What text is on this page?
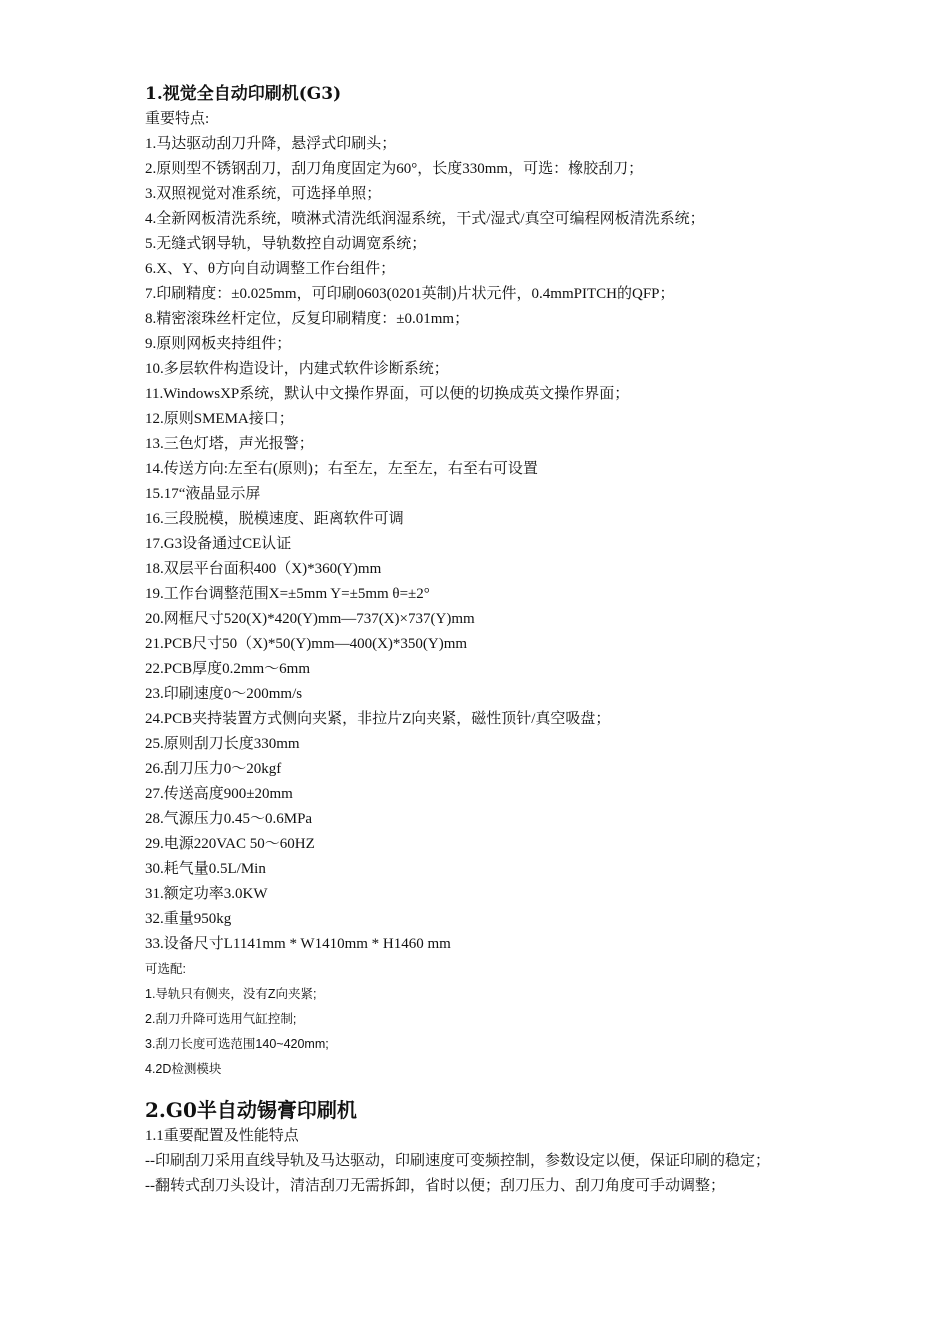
1.视觉全自动印刷机(G3)
重要特点:
1.马达驱动刮刀升降，悬浮式印刷头；
2.原则型不锈钢刮刀，刮刀角度固定为60°，长度330mm，可选：橡胶刮刀；
3.双照视觉对准系统，可选择单照；
4.全新网板清洗系统，喷淋式清洗纸润湿系统，干式/湿式/真空可编程网板清洗系统；
5.无缝式钢导轨，导轨数控自动调宽系统；
6.X、Y、θ方向自动调整工作台组件；
7.印刷精度：±0.025mm，可印刷0603(0201英制)片状元件，0.4mmPITCH的QFP；
8.精密滚珠丝杆定位，反复印刷精度：±0.01mm；
9.原则网板夹持组件；
10.多层软件构造设计，内建式软件诊断系统；
11.WindowsXP系统，默认中文操作界面，可以便的切换成英文操作界面；
12.原则SMEMA接口；
13.三色灯塔，声光报警；
14.传送方向:左至右(原则)；右至左，左至左，右至右可设置
15.17“液晶显示屏
16.三段脱模，脱模速度、距离软件可调
17.G3设备通过CE认证
18.双层平台面积400（X)*360(Y)mm
19.工作台调整范围X=±5mm Y=±5mm θ=±2°
20.网框尺寸520(X)*420(Y)mm—737(X)×737(Y)mm
21.PCB尺寸50（X)*50(Y)mm—400(X)*350(Y)mm
22.PCB厚度0.2mm～6mm
23.印刷速度0～200mm/s
24.PCB夹持装置方式侧向夹紧，非拉片Z向夹紧，磁性顶针/真空吸盘；
25.原则刮刀长度330mm
26.刮刀压力0～20kgf
27.传送高度900±20mm
28.气源压力0.45～0.6MPa
29.电源220VAC 50～60HZ
30.耗气量0.5L/Min
31.额定功率3.0KW
32.重量950kg
33.设备尺寸L1141mm * W1410mm * H1460 mm
可选配:
1.导轨只有侧夹，没有Z向夹紧;
2.刮刀升降可选用气缸控制;
3.刮刀长度可选范围140~420mm;
4.2D检测模块
2.G0半自动锡膏印刷机
1.1重要配置及性能特点
--印刷刮刀采用直线导轨及马达驱动，印刷速度可变频控制，参数设定以便，保证印刷的稳定；
--翻转式刮刀头设计，清洁刮刀无需拆卸，省时以便；刮刀压力、刮刀角度可手动调整；
